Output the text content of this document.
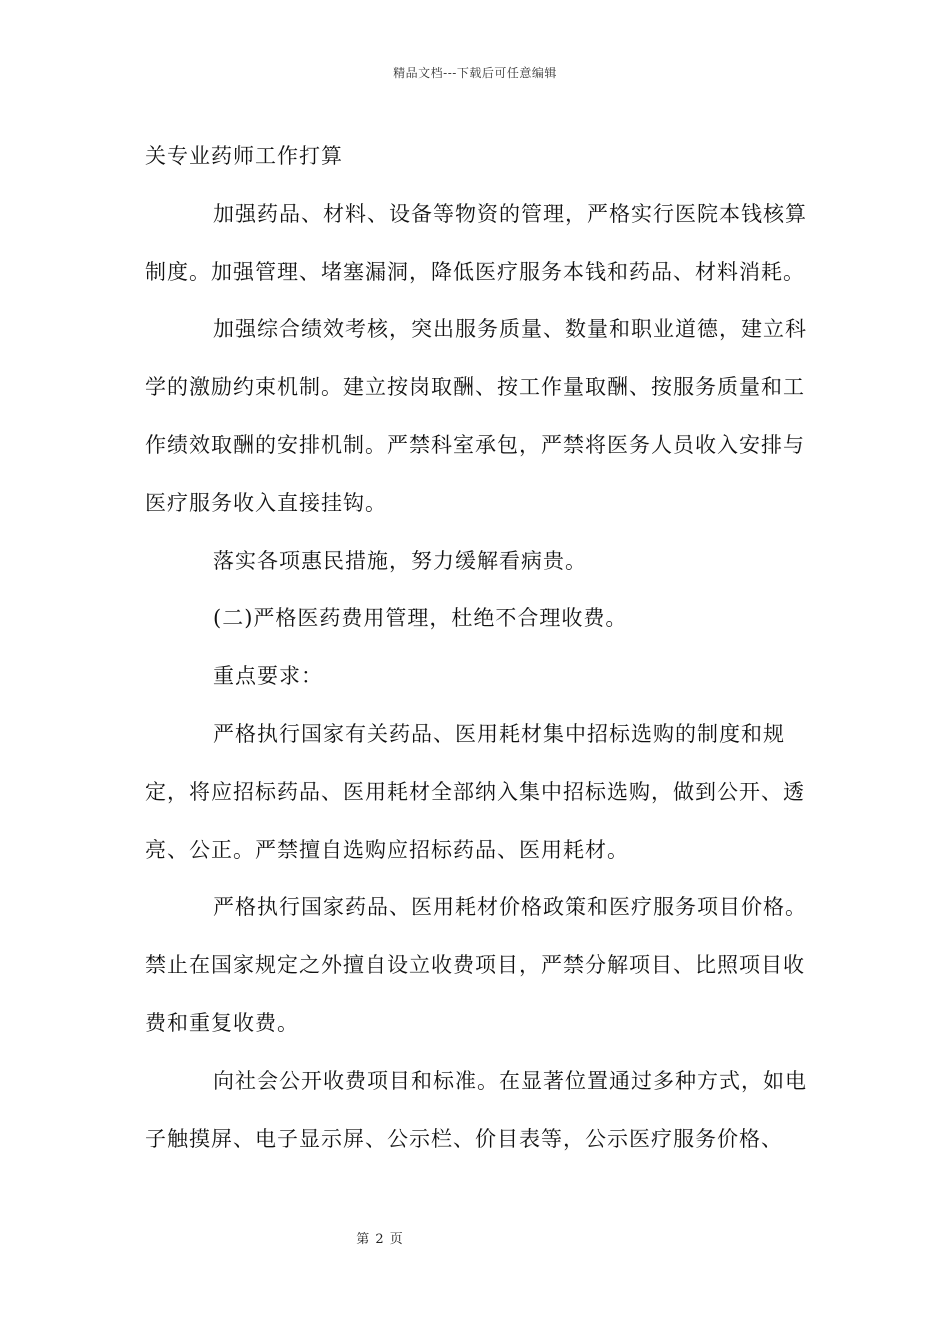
精品文档---下载后可任意编辑

关专业药师工作打算

加强药品、材料、设备等物资的管理，严格实行医院本钱核算制度。加强管理、堵塞漏洞，降低医疗服务本钱和药品、材料消耗。

加强综合绩效考核，突出服务质量、数量和职业道德，建立科学的激励约束机制。建立按岗取酬、按工作量取酬、按服务质量和工作绩效取酬的安排机制。严禁科室承包，严禁将医务人员收入安排与医疗服务收入直接挂钩。

落实各项惠民措施，努力缓解看病贵。

(二)严格医药费用管理，杜绝不合理收费。

重点要求：

严格执行国家有关药品、医用耗材集中招标选购的制度和规定，将应招标药品、医用耗材全部纳入集中招标选购，做到公开、透亮、公正。严禁擅自选购应招标药品、医用耗材。

严格执行国家药品、医用耗材价格政策和医疗服务项目价格。禁止在国家规定之外擅自设立收费项目，严禁分解项目、比照项目收费和重复收费。

向社会公开收费项目和标准。在显著位置通过多种方式，如电子触摸屏、电子显示屏、公示栏、价目表等，公示医疗服务价格、

第 2 页
